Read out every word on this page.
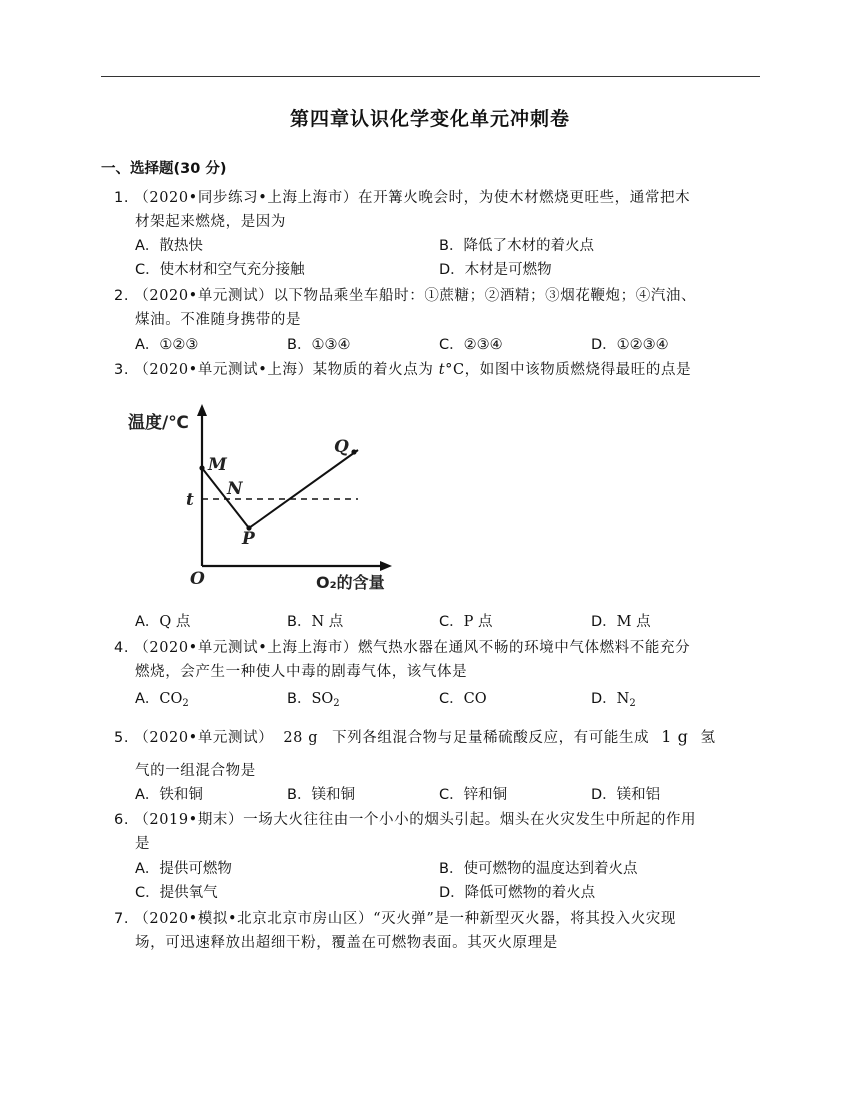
第四章认识化学变化单元冲刺卷
一、选择题(30 分)
1. （2020•同步练习•上海上海市）在开篝火晚会时，为使木材燃烧更旺些，通常把木
材架起来燃烧，是因为
A．散热快	B．降低了木材的着火点
C．使木材和空气充分接触	D．木材是可燃物
2. （2020•单元测试）以下物品乘坐车船时：①蔗糖；②酒精；③烟花鞭炮；④汽油、
煤油。不准随身携带的是
A．①②③	B．①③④	C．②③④	D．①②③④
3. （2020•单元测试•上海）某物质的着火点为 t°C，如图中该物质燃烧得最旺的点是
温度/℃
O₂的含量
O
t
M
N
P
Q
A．Q 点	B．N 点	C．P 点	D．M 点
4. （2020•单元测试•上海上海市）燃气热水器在通风不畅的环境中气体燃料不能充分
燃烧，会产生一种使人中毒的剧毒气体，该气体是
A．$CO_2$	B．$SO_2$	C．CO	D．$N_2$
5. （2020•单元测试） 28 g 下列各组混合物与足量稀硫酸反应，有可能生成 1 g 氢
气的一组混合物是
A．铁和铜	B．镁和铜	C．锌和铜	D．镁和铝
6. （2019•期末）一场大火往往由一个小小的烟头引起。烟头在火灾发生中所起的作用
是
A．提供可燃物	B．使可燃物的温度达到着火点
C．提供氧气	D．降低可燃物的着火点
7. （2020•模拟•北京北京市房山区）“灭火弹”是一种新型灭火器，将其投入火灾现
场，可迅速释放出超细干粉，覆盖在可燃物表面。其灭火原理是
